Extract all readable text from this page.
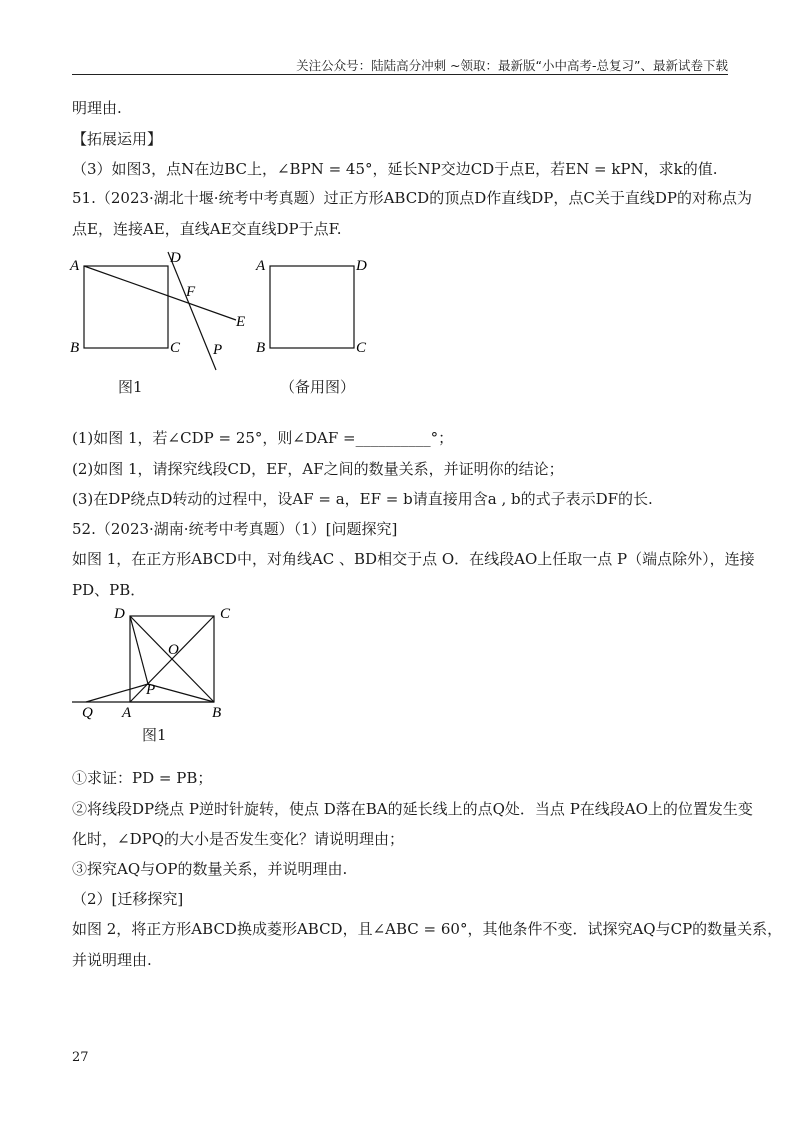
关注公众号：陆陆高分冲刺 ~领取：最新版“小中高考-总复习”、最新试卷下载
明理由.
【拓展运用】
（3）如图3，点N在边BC上，∠BPN = 45°，延长NP交边CD于点E，若EN = kPN，求k的值.
51.（2023·湖北十堰·统考中考真题）过正方形ABCD的顶点D作直线DP，点C关于直线DP的对称点为
点E，连接AE，直线AE交直线DP于点F.
A	D
F
E
B	C P
图1
A	D
B	C
（备用图）
(1)如图 1，若∠CDP = 25°，则∠DAF =__________°；
(2)如图 1，请探究线段CD，EF，AF之间的数量关系，并证明你的结论；
(3)在DP绕点D转动的过程中，设AF = a，EF = b请直接用含a , b的式子表示DF的长.
52.（2023·湖南·统考中考真题）（1）[问题探究]
如图 1，在正方形ABCD中，对角线AC 、BD相交于点 O．在线段AO上任取一点 P（端点除外），连接
PD、PB．
D	C
O
P
Q A	B
图1
①求证：PD = PB；
②将线段DP绕点 P逆时针旋转，使点 D落在BA的延长线上的点Q处．当点 P在线段AO上的位置发生变
化时，∠DPQ的大小是否发生变化？请说明理由；
③探究AQ与OP的数量关系，并说明理由.
（2）[迁移探究]
如图 2，将正方形ABCD换成菱形ABCD，且∠ABC = 60°，其他条件不变．试探究AQ与CP的数量关系，
并说明理由.
27
